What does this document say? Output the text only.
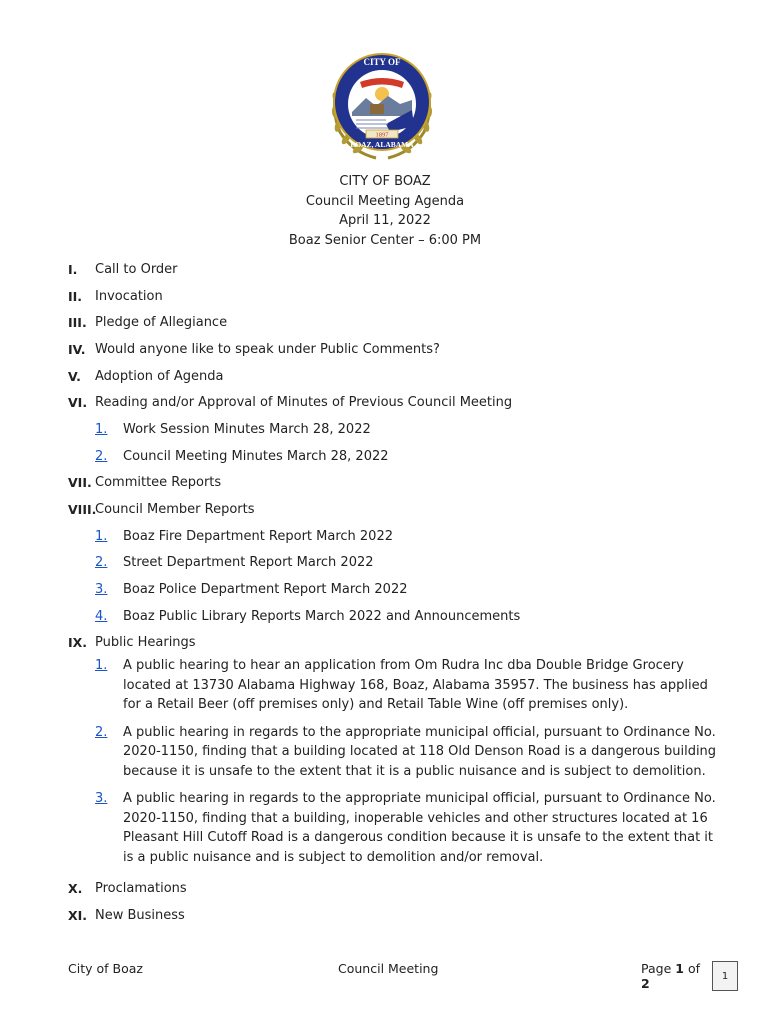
CITY OF
BOAZ, ALABAMA
1897
CITY OF BOAZ
Council Meeting Agenda
April 11, 2022
Boaz Senior Center – 6:00 PM
I.	Call to Order
II. Invocation
III. Pledge of Allegiance
IV. Would anyone like to speak under Public Comments?
V.	Adoption of Agenda
VI. Reading and/or Approval of Minutes of Previous Council Meeting
1.	Work Session Minutes March 28, 2022
2.	Council Meeting Minutes March 28, 2022
VII. Committee Reports
VIII.
Council Member Reports
1.	Boaz Fire Department Report March 2022
2.	Street Department Report March 2022
3.	Boaz Police Department Report March 2022
4.	Boaz Public Library Reports March 2022 and Announcements
IX. Public Hearings
1.	A public hearing to hear an application from Om Rudra Inc dba Double Bridge Grocery located at 13730 Alabama Highway 168, Boaz, Alabama 35957. The business has applied for a Retail Beer (off premises only) and Retail Table Wine (off premises only).
2.	A public hearing in regards to the appropriate municipal official, pursuant to Ordinance No. 2020-1150, finding that a building located at 118 Old Denson Road is a dangerous building because it is unsafe to the extent that it is a public nuisance and is subject to demolition.
3.	A public hearing in regards to the appropriate municipal official, pursuant to Ordinance No. 2020-1150, finding that a building, inoperable vehicles and other structures located at 16 Pleasant Hill Cutoff Road is a dangerous condition because it is unsafe to the extent that it is a public nuisance and is subject to demolition and/or removal.
X. Proclamations
XI. New Business
City of Boaz	Council Meeting	Page 1 of 2	1
